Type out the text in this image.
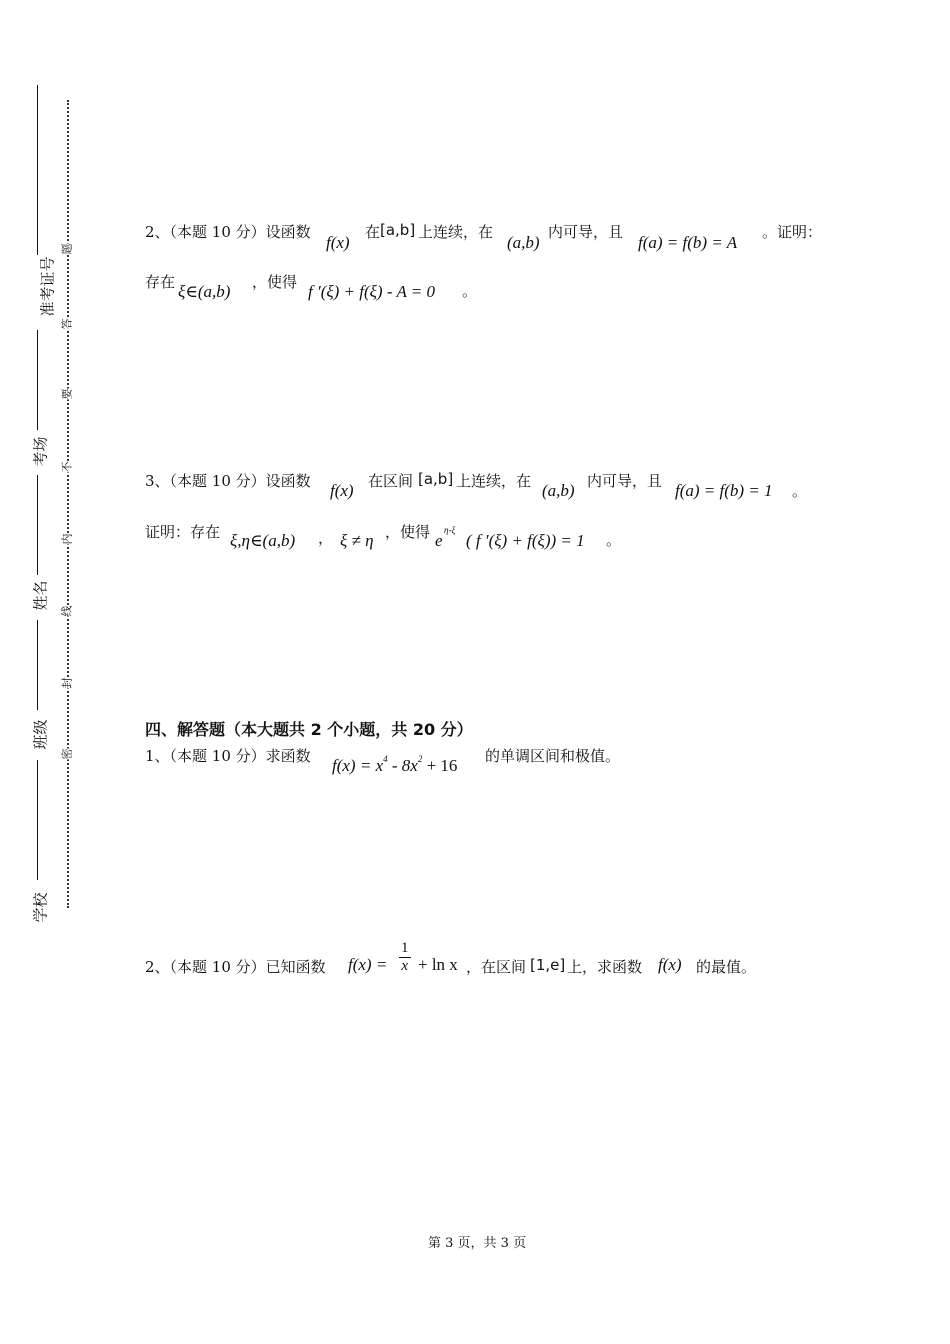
准考证号
考场
姓名
班级
学校
题
答
要
不
内
线
封
密
2、（本题 10 分）设函数
f(x)
在 [a,b] 上连续，在
(a,b)
内可导，且
f(a) = f(b) = A
。证明：
存在 ξ∈(a,b) ，使得 f ′(ξ) + f(ξ) - A = 0 。
3、（本题 10 分）设函数 f(x) 在区间 [a,b] 上连续，在 (a,b) 内可导，且 f(a) = f(b) = 1 。
证明：存在 ξ,η∈(a,b) ， ξ ≠ η ，使得 e
η-ξ
( f ′(ξ) + f(ξ)) = 1 。
四、解答题（本大题共 2 个小题，共 20 分）
1、（本题 10 分）求函数 $f(x) = x^4 - 8x^2 + 16$ 的单调区间和极值。
2、（本题 10 分）已知函数 $f(x) = \frac{1}{x} + \ln x$ ，在区间 [1,e] 上，求函数 f(x) 的最值。
第 3 页，共 3 页
